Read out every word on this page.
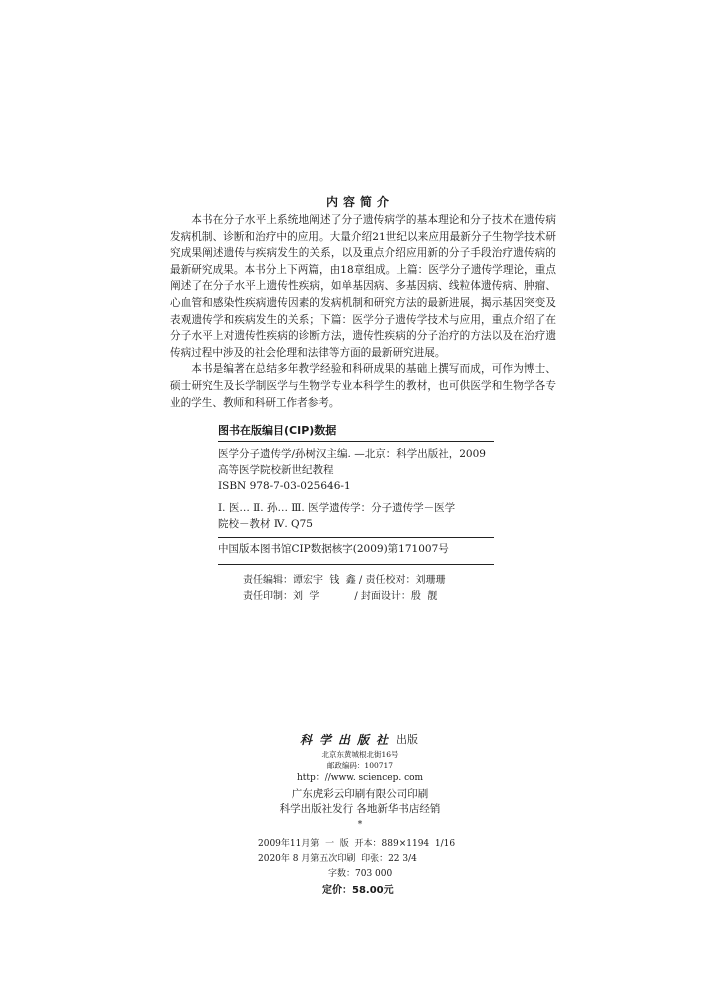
内容简介

本书在分子水平上系统地阐述了分子遗传病学的基本理论和分子技术在遗传病发病机制、诊断和治疗中的应用。大量介绍21世纪以来应用最新分子生物学技术研究成果阐述遗传与疾病发生的关系，以及重点介绍应用新的分子手段治疗遗传病的最新研究成果。本书分上下两篇，由18章组成。上篇：医学分子遗传学理论，重点阐述了在分子水平上遗传性疾病，如单基因病、多基因病、线粒体遗传病、肿瘤、心血管和感染性疾病遗传因素的发病机制和研究方法的最新进展，揭示基因突变及表观遗传学和疾病发生的关系；下篇：医学分子遗传学技术与应用，重点介绍了在分子水平上对遗传性疾病的诊断方法，遗传性疾病的分子治疗的方法以及在治疗遗传病过程中涉及的社会伦理和法律等方面的最新研究进展。

本书是编著在总结多年教学经验和科研成果的基础上撰写而成，可作为博士、硕士研究生及长学制医学与生物学专业本科学生的教材，也可供医学和生物学各专业的学生、教师和科研工作者参考。

图书在版编目(CIP)数据
医学分子遗传学/孙树汉主编. —北京：科学出版社，2009
高等医学院校新世纪教程
ISBN 978-7-03-025646-1
Ⅰ. 医… Ⅱ. 孙… Ⅲ. 医学遗传学：分子遗传学－医学
院校－教材 Ⅳ. Q75
中国版本图书馆CIP数据核字(2009)第171007号
责任编辑：谭宏宇  钱  鑫 / 责任校对：刘珊珊
责任印制：刘  学           / 封面设计：殷  靓
科学出版社 出版
北京东黄城根北街16号
邮政编码：100717
http：//www. sciencep. com
广东虎彩云印刷有限公司印刷
科学出版社发行 各地新华书店经销
*
2009年11月第  一  版  开本：889×1194  1/16
2020年 8 月第五次印刷  印张：22 3/4
字数：703 000
定价：58.00元
